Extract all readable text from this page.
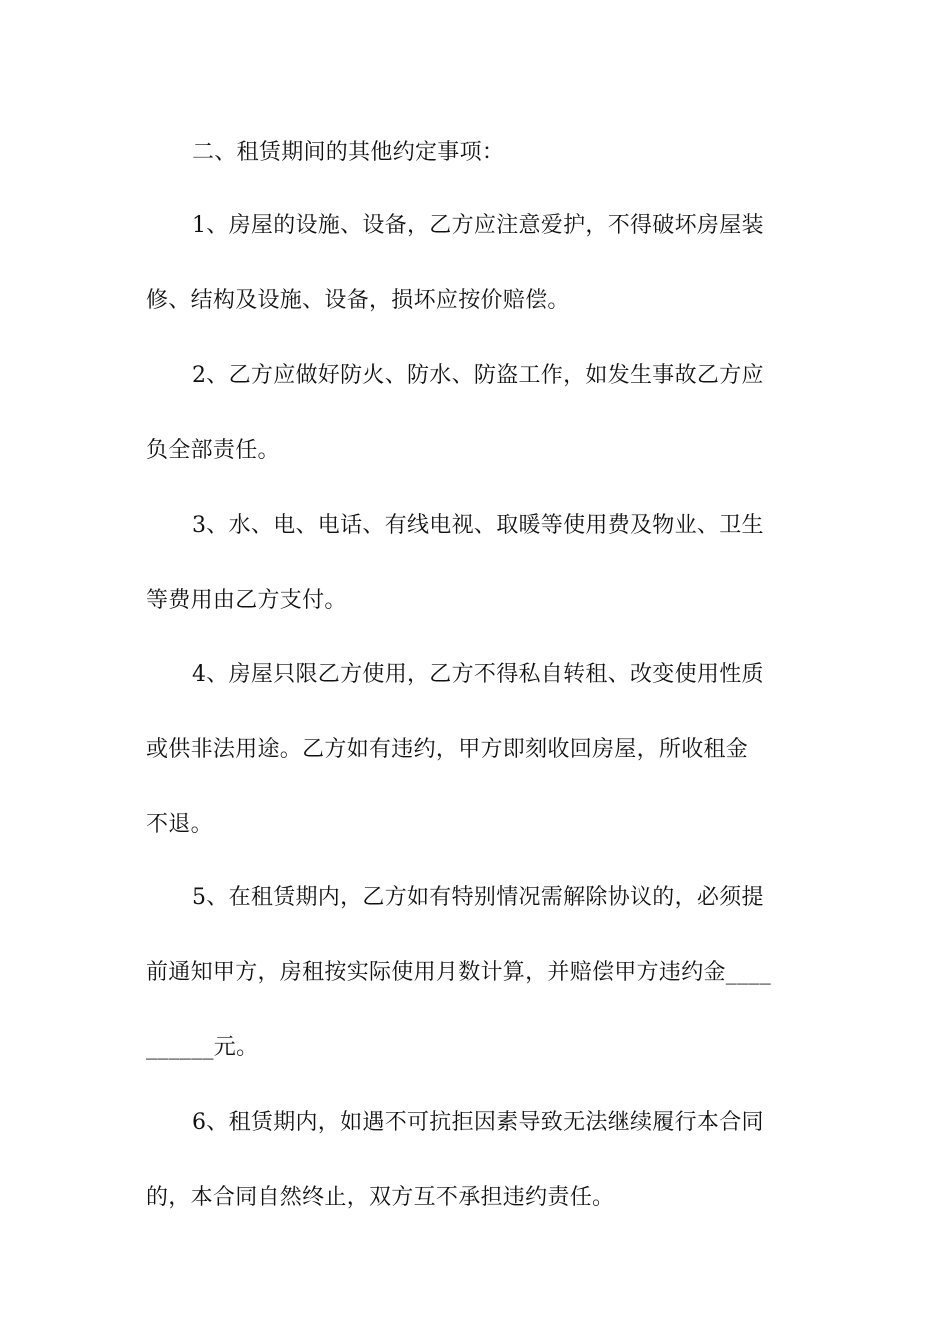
二、租赁期间的其他约定事项：
1、房屋的设施、设备，乙方应注意爱护，不得破坏房屋装
修、结构及设施、设备，损坏应按价赔偿。
2、乙方应做好防火、防水、防盗工作，如发生事故乙方应
负全部责任。
3、水、电、电话、有线电视、取暖等使用费及物业、卫生
等费用由乙方支付。
4、房屋只限乙方使用，乙方不得私自转租、改变使用性质
或供非法用途。乙方如有违约，甲方即刻收回房屋，所收租金
不退。
5、在租赁期内，乙方如有特别情况需解除协议的，必须提
前通知甲方，房租按实际使用月数计算，并赔偿甲方违约金____
______元。
6、租赁期内，如遇不可抗拒因素导致无法继续履行本合同
的，本合同自然终止，双方互不承担违约责任。
